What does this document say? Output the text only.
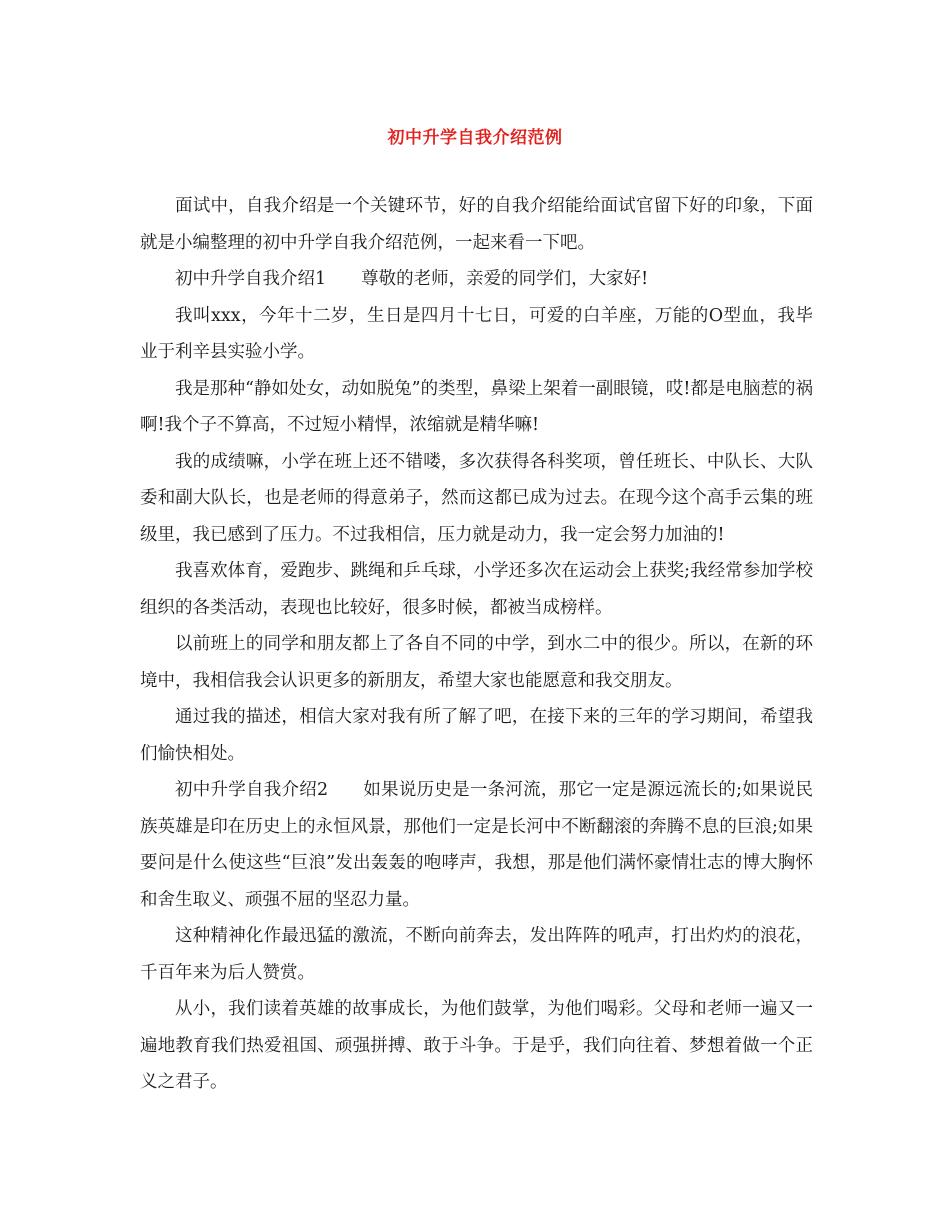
初中升学自我介绍范例

面试中，自我介绍是一个关键环节，好的自我介绍能给面试官留下好的印象，下面就是小编整理的初中升学自我介绍范例，一起来看一下吧。

初中升学自我介绍1 尊敬的老师，亲爱的同学们，大家好!

我叫xxx，今年十二岁，生日是四月十七日，可爱的白羊座，万能的O型血，我毕业于利辛县实验小学。

我是那种“静如处女，动如脱兔”的类型，鼻梁上架着一副眼镜，哎!都是电脑惹的祸啊!我个子不算高，不过短小精悍，浓缩就是精华嘛!

我的成绩嘛，小学在班上还不错喽，多次获得各科奖项，曾任班长、中队长、大队委和副大队长，也是老师的得意弟子，然而这都已成为过去。在现今这个高手云集的班级里，我已感到了压力。不过我相信，压力就是动力，我一定会努力加油的!

我喜欢体育，爱跑步、跳绳和乒乓球，小学还多次在运动会上获奖;我经常参加学校组织的各类活动，表现也比较好，很多时候，都被当成榜样。

以前班上的同学和朋友都上了各自不同的中学，到水二中的很少。所以，在新的环境中，我相信我会认识更多的新朋友，希望大家也能愿意和我交朋友。

通过我的描述，相信大家对我有所了解了吧，在接下来的三年的学习期间，希望我们愉快相处。

初中升学自我介绍2 如果说历史是一条河流，那它一定是源远流长的;如果说民族英雄是印在历史上的永恒风景，那他们一定是长河中不断翻滚的奔腾不息的巨浪;如果要问是什么使这些“巨浪”发出轰轰的咆哮声，我想，那是他们满怀豪情壮志的博大胸怀和舍生取义、顽强不屈的坚忍力量。

这种精神化作最迅猛的激流，不断向前奔去，发出阵阵的吼声，打出灼灼的浪花，千百年来为后人赞赏。

从小，我们读着英雄的故事成长，为他们鼓掌，为他们喝彩。父母和老师一遍又一遍地教育我们热爱祖国、顽强拼搏、敢于斗争。于是乎，我们向往着、梦想着做一个正义之君子。
